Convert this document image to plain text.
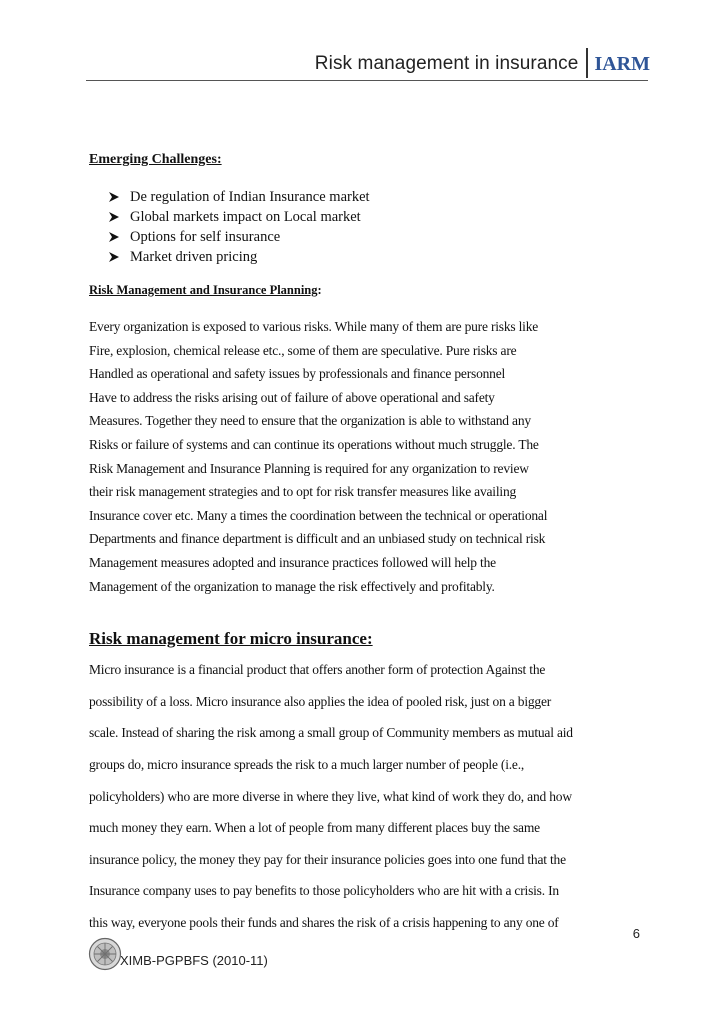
Risk management in insurance IARM
Emerging Challenges:
De regulation of Indian Insurance market
Global markets impact on Local market
Options for self insurance
Market driven pricing
Risk Management and Insurance Planning:
Every organization is exposed to various risks. While many of them are pure risks like
Fire, explosion, chemical release etc., some of them are speculative. Pure risks are
Handled as operational and safety issues by professionals and finance personnel
Have to address the risks arising out of failure of above operational and safety
Measures. Together they need to ensure that the organization is able to withstand any
Risks or failure of systems and can continue its operations without much struggle. The
Risk Management and Insurance Planning is required for any organization to review
their risk management strategies and to opt for risk transfer measures like availing
Insurance cover etc. Many a times the coordination between the technical or operational
Departments and finance department is difficult and an unbiased study on technical risk
Management measures adopted and insurance practices followed will help the
Management of the organization to manage the risk effectively and profitably.
Risk management for micro insurance:
Micro insurance is a financial product that offers another form of protection Against the
possibility of a loss. Micro insurance also applies the idea of pooled risk, just on a bigger
scale. Instead of sharing the risk among a small group of Community members as mutual aid
groups do, micro insurance spreads the risk to a much larger number of people (i.e.,
policyholders) who are more diverse in where they live, what kind of work they do, and how
much money they earn. When a lot of people from many different places buy the same
insurance policy, the money they pay for their insurance policies goes into one fund that the
Insurance company uses to pay benefits to those policyholders who are hit with a crisis. In
this way, everyone pools their funds and shares the risk of a crisis happening to any one of
6
XIMB-PGPBFS (2010-11)
